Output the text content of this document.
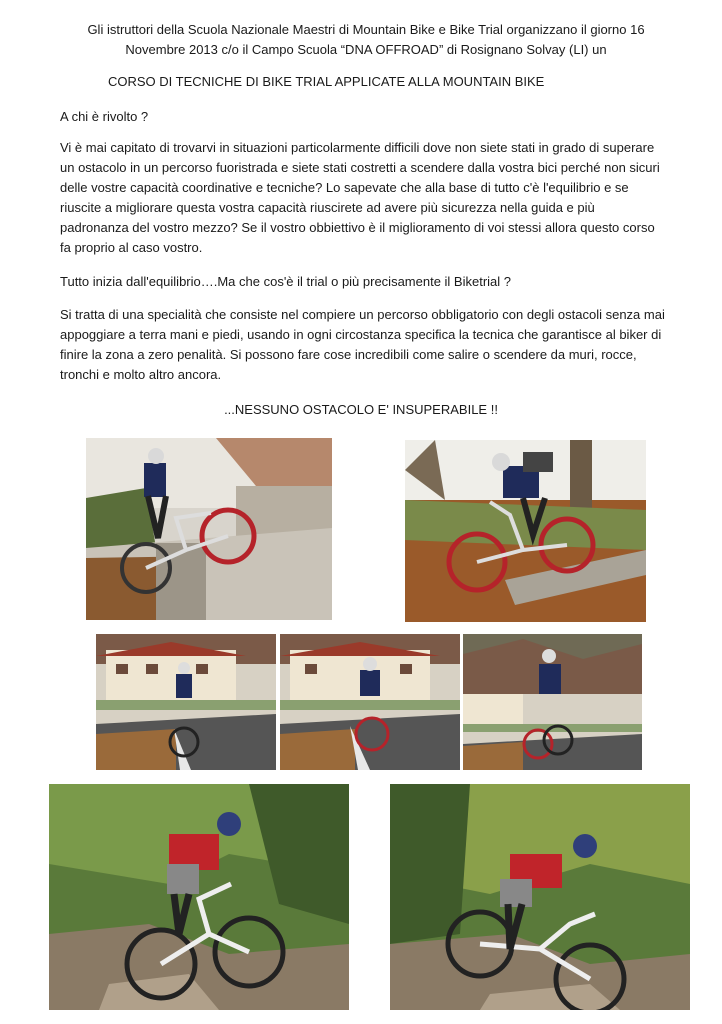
Gli istruttori della Scuola Nazionale Maestri di Mountain Bike e Bike Trial organizzano il giorno 16 Novembre 2013 c/o il Campo Scuola “DNA OFFROAD” di Rosignano Solvay (LI) un

CORSO DI TECNICHE DI BIKE TRIAL APPLICATE ALLA MOUNTAIN BIKE

A chi è rivolto ?

Vi è mai capitato di trovarvi in situazioni particolarmente difficili dove non siete stati in grado di superare un ostacolo in un percorso fuoristrada e siete stati costretti a scendere dalla vostra bici perché non sicuri delle vostre capacità coordinative e tecniche? Lo sapevate che alla base di tutto c'è l'equilibrio e se riuscite a migliorare questa vostra capacità riuscirete ad avere più sicurezza nella guida e più padronanza del vostro mezzo? Se il vostro obbiettivo è il miglioramento di voi stessi allora questo corso fa proprio al caso vostro.

Tutto inizia dall'equilibrio….Ma che cos'è il trial o più precisamente il Biketrial ?

Si tratta di una specialità che consiste nel compiere un percorso obbligatorio con degli ostacoli senza mai appoggiare a terra mani e piedi, usando in ogni circostanza specifica la tecnica che garantisce al biker di finire la zona a zero penalità. Si possono fare cose incredibili come salire o scendere da muri, rocce, tronchi e molto altro ancora.

...NESSUNO OSTACOLO E' INSUPERABILE !!
